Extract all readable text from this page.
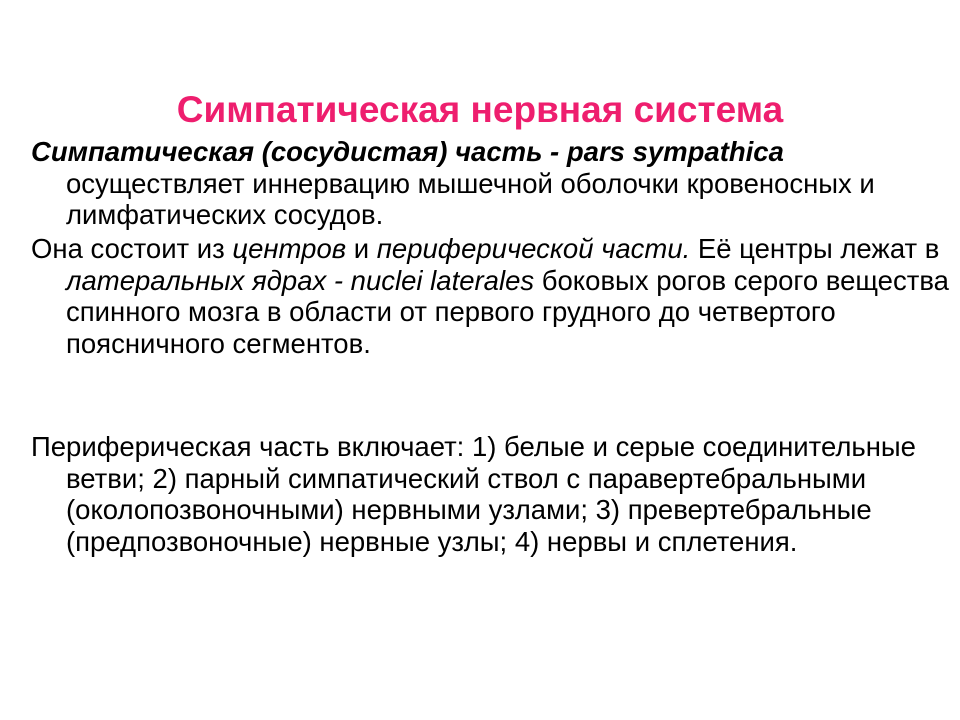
Симпатическая нервная система

Симпатическая (сосудистая) часть - pars sympathica осуществляет иннервацию мышечной оболочки кровеносных и лимфатических сосудов.

Она состоит из центров и периферической части. Её центры лежат в латеральных ядрах - nuclei laterales боковых рогов серого вещества спинного мозга в области от первого грудного до четвертого поясничного сегментов.

Периферическая часть включает: 1) белые и серые соединительные ветви; 2) парный симпатический ствол с паравертебральными (околопозвоночными) нервными узлами; 3) превертебральные (предпозвоночные) нервные узлы; 4) нервы и сплетения.
